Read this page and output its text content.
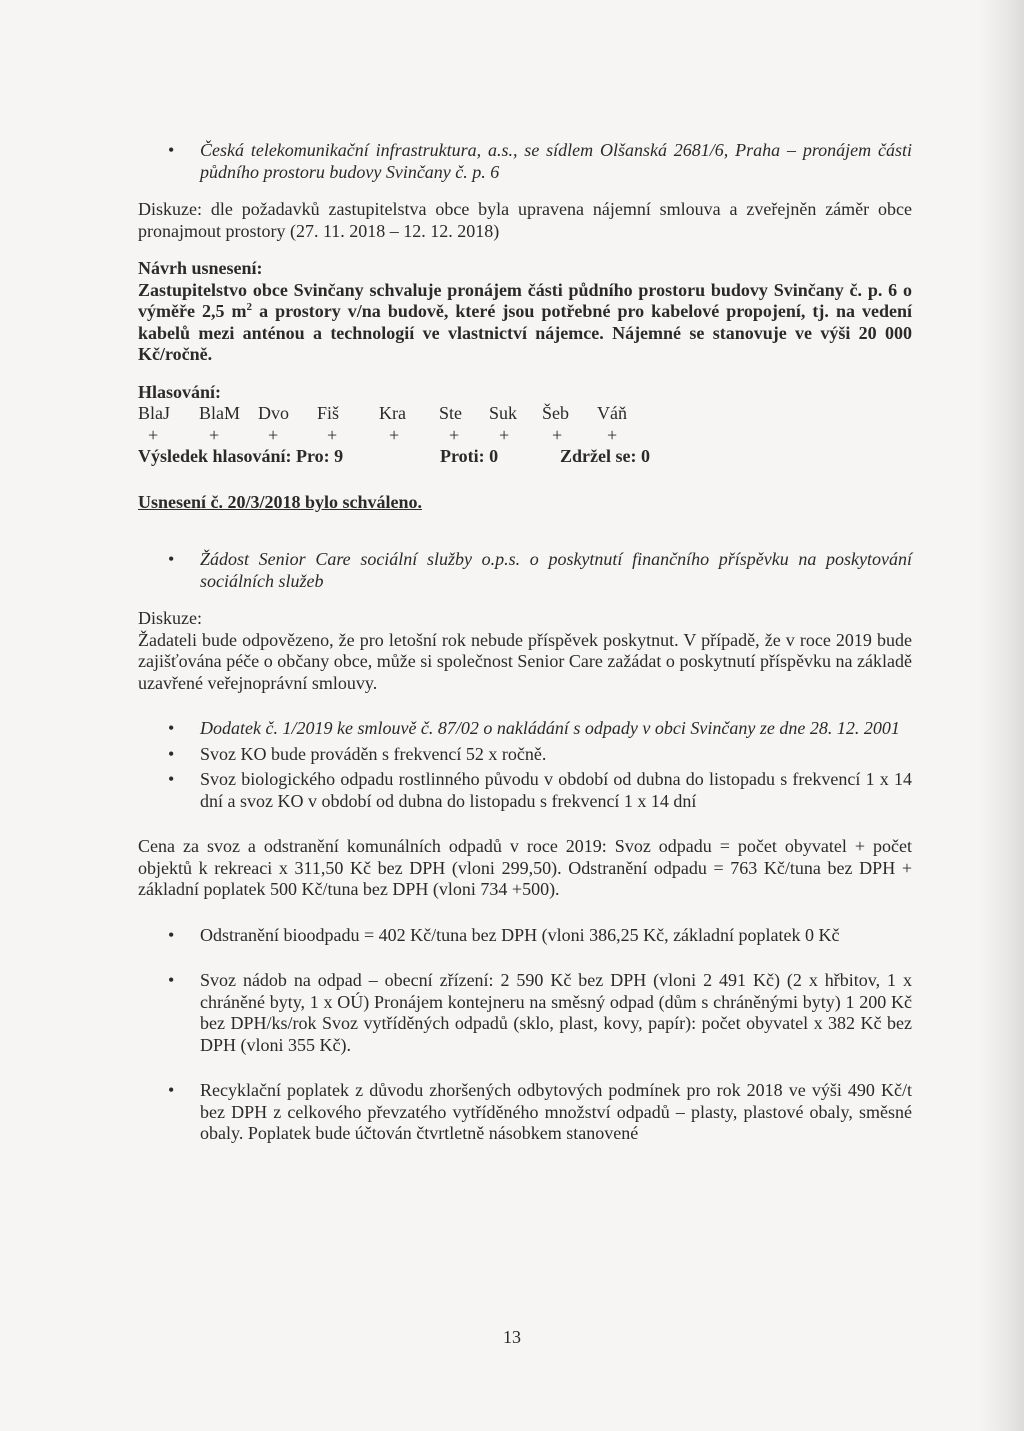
• Česká telekomunikační infrastruktura, a.s., se sídlem Olšanská 2681/6, Praha – pronájem části půdního prostoru budovy Svinčany č. p. 6

Diskuze: dle požadavků zastupitelstva obce byla upravena nájemní smlouva a zveřejněn záměr obce pronajmout prostory (27. 11. 2018 – 12. 12. 2018)

Návrh usnesení:

Zastupitelstvo obce Svinčany schvaluje pronájem části půdního prostoru budovy Svinčany č. p. 6 o výměře 2,5 $m^2$ a prostory v/na budově, které jsou potřebné pro kabelové propojení, tj. na vedení kabelů mezi anténou a technologií ve vlastnictví nájemce. Nájemné se stanovuje ve výši 20 000 Kč/ročně.

Hlasování:

BlaJ	BlaM Dvo	Fiš	Kra	Ste	Suk	Šeb	Váň
+	+	+	+	+	+	+	+	+
Výsledek hlasování: Pro: 9	Proti: 0	Zdržel se: 0

Usnesení č. 20/3/2018 bylo schváleno.

• Žádost Senior Care sociální služby o.p.s. o poskytnutí finančního příspěvku na poskytování sociálních služeb

Diskuze:

Žadateli bude odpovězeno, že pro letošní rok nebude příspěvek poskytnut. V případě, že v roce 2019 bude zajišťována péče o občany obce, může si společnost Senior Care zažádat o poskytnutí příspěvku na základě uzavřené veřejnoprávní smlouvy.

• Dodatek č. 1/2019 ke smlouvě č. 87/02 o nakládání s odpady v obci Svinčany ze dne 28. 12. 2001

• Svoz KO bude prováděn s frekvencí 52 x ročně.

• Svoz biologického odpadu rostlinného původu v období od dubna do listopadu s frekvencí 1 x 14 dní a svoz KO v období od dubna do listopadu s frekvencí 1 x 14 dní

Cena za svoz a odstranění komunálních odpadů v roce 2019: Svoz odpadu = počet obyvatel + počet objektů k rekreaci x 311,50 Kč bez DPH (vloni 299,50). Odstranění odpadu = 763 Kč/tuna bez DPH + základní poplatek 500 Kč/tuna bez DPH (vloni 734 +500).

• Odstranění bioodpadu = 402 Kč/tuna bez DPH (vloni 386,25 Kč, základní poplatek 0 Kč

• Svoz nádob na odpad – obecní zřízení: 2 590 Kč bez DPH (vloni 2 491 Kč) (2 x hřbitov, 1 x chráněné byty, 1 x OÚ) Pronájem kontejneru na směsný odpad (dům s chráněnými byty) 1 200 Kč bez DPH/ks/rok Svoz vytříděných odpadů (sklo, plast, kovy, papír): počet obyvatel x 382 Kč bez DPH (vloni 355 Kč).

• Recyklační poplatek z důvodu zhoršených odbytových podmínek pro rok 2018 ve výši 490 Kč/t bez DPH z celkového převzatého vytříděného množství odpadů – plasty, plastové obaly, směsné obaly. Poplatek bude účtován čtvrtletně násobkem stanovené

13
